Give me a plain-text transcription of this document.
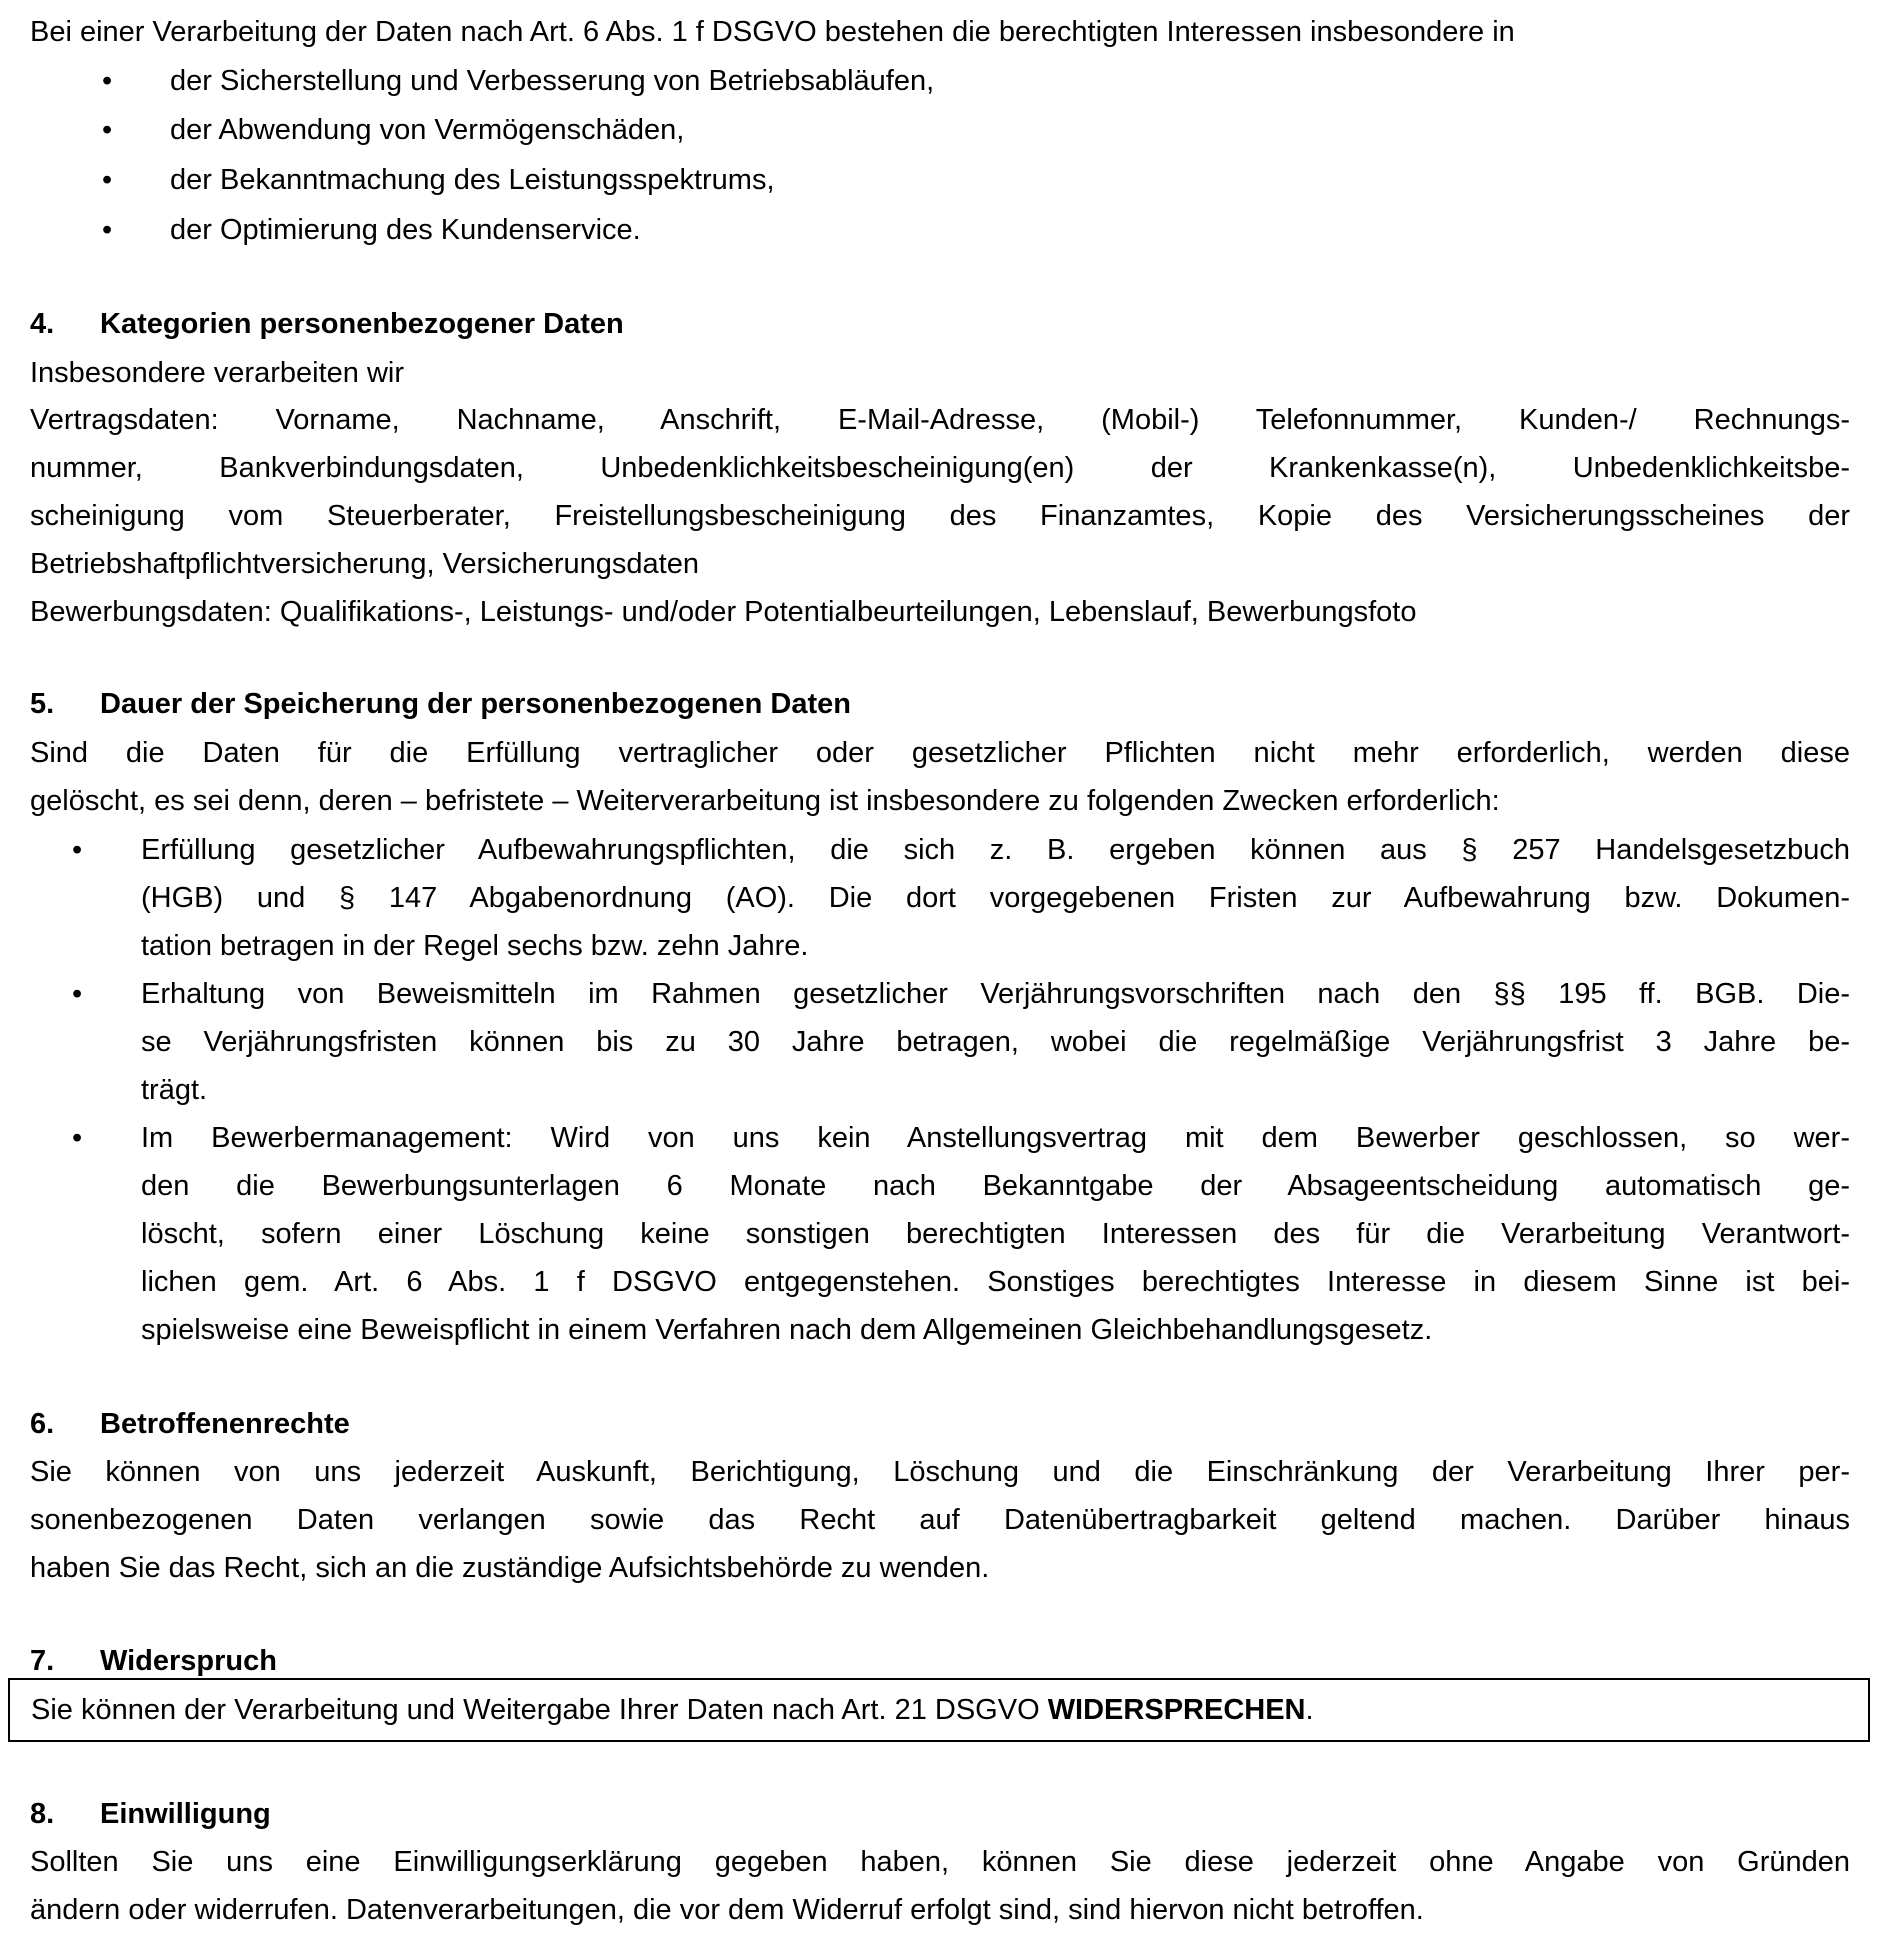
Bei einer Verarbeitung der Daten nach Art. 6 Abs. 1 f DSGVO bestehen die berechtigten Interessen insbesondere in
• der Sicherstellung und Verbesserung von Betriebsabläufen,
• der Abwendung von Vermögenschäden,
• der Bekanntmachung des Leistungsspektrums,
• der Optimierung des Kundenservice.
4. Kategorien personenbezogener Daten
Insbesondere verarbeiten wir
Vertragsdaten: Vorname, Nachname, Anschrift, E-Mail-Adresse, (Mobil-) Telefonnummer, Kunden-/ Rechnungs-
nummer, Bankverbindungsdaten, Unbedenklichkeitsbescheinigung(en) der Krankenkasse(n), Unbedenklichkeitsbe-
scheinigung vom Steuerberater, Freistellungsbescheinigung des Finanzamtes, Kopie des Versicherungsscheines der
Betriebshaftpflichtversicherung, Versicherungsdaten
Bewerbungsdaten: Qualifikations-, Leistungs- und/oder Potentialbeurteilungen, Lebenslauf, Bewerbungsfoto
5. Dauer der Speicherung der personenbezogenen Daten
Sind die Daten für die Erfüllung vertraglicher oder gesetzlicher Pflichten nicht mehr erforderlich, werden diese
gelöscht, es sei denn, deren – befristete – Weiterverarbeitung ist insbesondere zu folgenden Zwecken erforderlich:
• Erfüllung gesetzlicher Aufbewahrungspflichten, die sich z. B. ergeben können aus § 257 Handelsgesetzbuch
(HGB) und § 147 Abgabenordnung (AO). Die dort vorgegebenen Fristen zur Aufbewahrung bzw. Dokumen-
tation betragen in der Regel sechs bzw. zehn Jahre.
• Erhaltung von Beweismitteln im Rahmen gesetzlicher Verjährungsvorschriften nach den §§ 195 ff. BGB. Die-
se Verjährungsfristen können bis zu 30 Jahre betragen, wobei die regelmäßige Verjährungsfrist 3 Jahre be-
trägt.
• Im Bewerbermanagement: Wird von uns kein Anstellungsvertrag mit dem Bewerber geschlossen, so wer-
den die Bewerbungsunterlagen 6 Monate nach Bekanntgabe der Absageentscheidung automatisch ge-
löscht, sofern einer Löschung keine sonstigen berechtigten Interessen des für die Verarbeitung Verantwort-
lichen gem. Art. 6 Abs. 1 f DSGVO entgegenstehen. Sonstiges berechtigtes Interesse in diesem Sinne ist bei-
spielsweise eine Beweispflicht in einem Verfahren nach dem Allgemeinen Gleichbehandlungsgesetz.
6. Betroffenenrechte
Sie können von uns jederzeit Auskunft, Berichtigung, Löschung und die Einschränkung der Verarbeitung Ihrer per-
sonenbezogenen Daten verlangen sowie das Recht auf Datenübertragbarkeit geltend machen. Darüber hinaus
haben Sie das Recht, sich an die zuständige Aufsichtsbehörde zu wenden.
7. Widerspruch
8. Einwilligung
Sollten Sie uns eine Einwilligungserklärung gegeben haben, können Sie diese jederzeit ohne Angabe von Gründen
ändern oder widerrufen. Datenverarbeitungen, die vor dem Widerruf erfolgt sind, sind hiervon nicht betroffen.
Sie können der Verarbeitung und Weitergabe Ihrer Daten nach Art. 21 DSGVO WIDERSPRECHEN.
